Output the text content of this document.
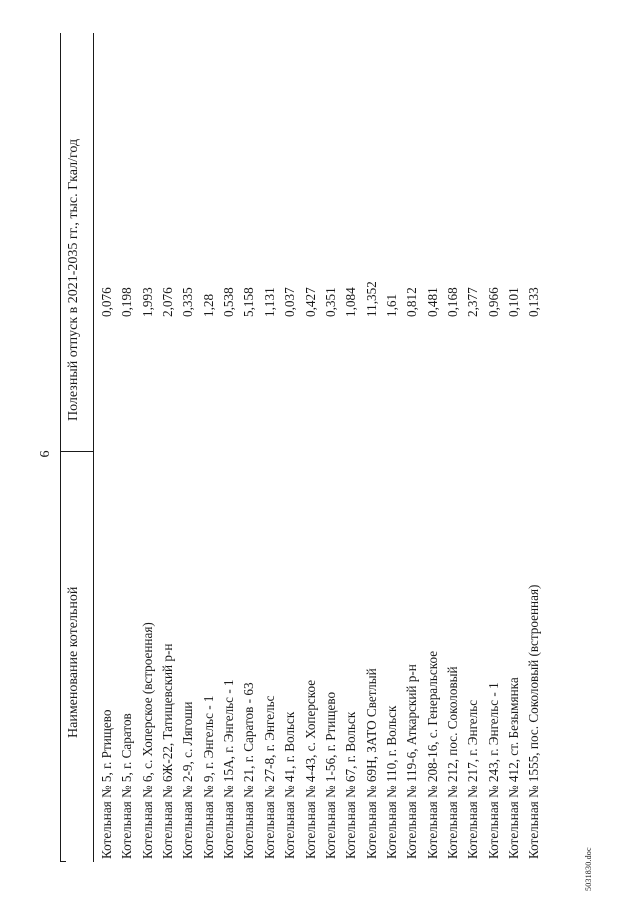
6
Наименование котельной
Полезный отпуск в 2021-2035 гг., тыс. Гкал/год
Котельная № 5, г. Ртищево
0,076
Котельная № 5, г. Саратов
0,198
Котельная № 6, с. Хоперское (встроенная)
1,993
Котельная № 6Ж-22, Татищевский р-н
2,076
Котельная № 2-9, с. Лягоши
0,335
Котельная № 9, г. Энгельс - 1
1,28
Котельная № 15А, г. Энгельс - 1
0,538
Котельная № 21, г. Саратов - 63
5,158
Котельная № 27-8, г. Энгельс
1,131
Котельная № 41, г. Вольск
0,037
Котельная № 4-43, с. Хоперское
0,427
Котельная № 1-56, г. Ртищево
0,351
Котельная № 67, г. Вольск
1,084
Котельная № 69Н, ЗАТО Светлый
11,352
Котельная № 110, г. Вольск
1,61
Котельная № 119-6, Аткарский р-н
0,812
Котельная № 208-16, с. Генеральское
0,481
Котельная № 212, пос. Соколовый
0,168
Котельная № 217, г. Энгельс
2,377
Котельная № 243, г. Энгельс - 1
0,966
Котельная № 412, ст. Безымянка
0,101
Котельная № 1555, пос. Соколовый (встроенная)
0,133
5031830.doc
